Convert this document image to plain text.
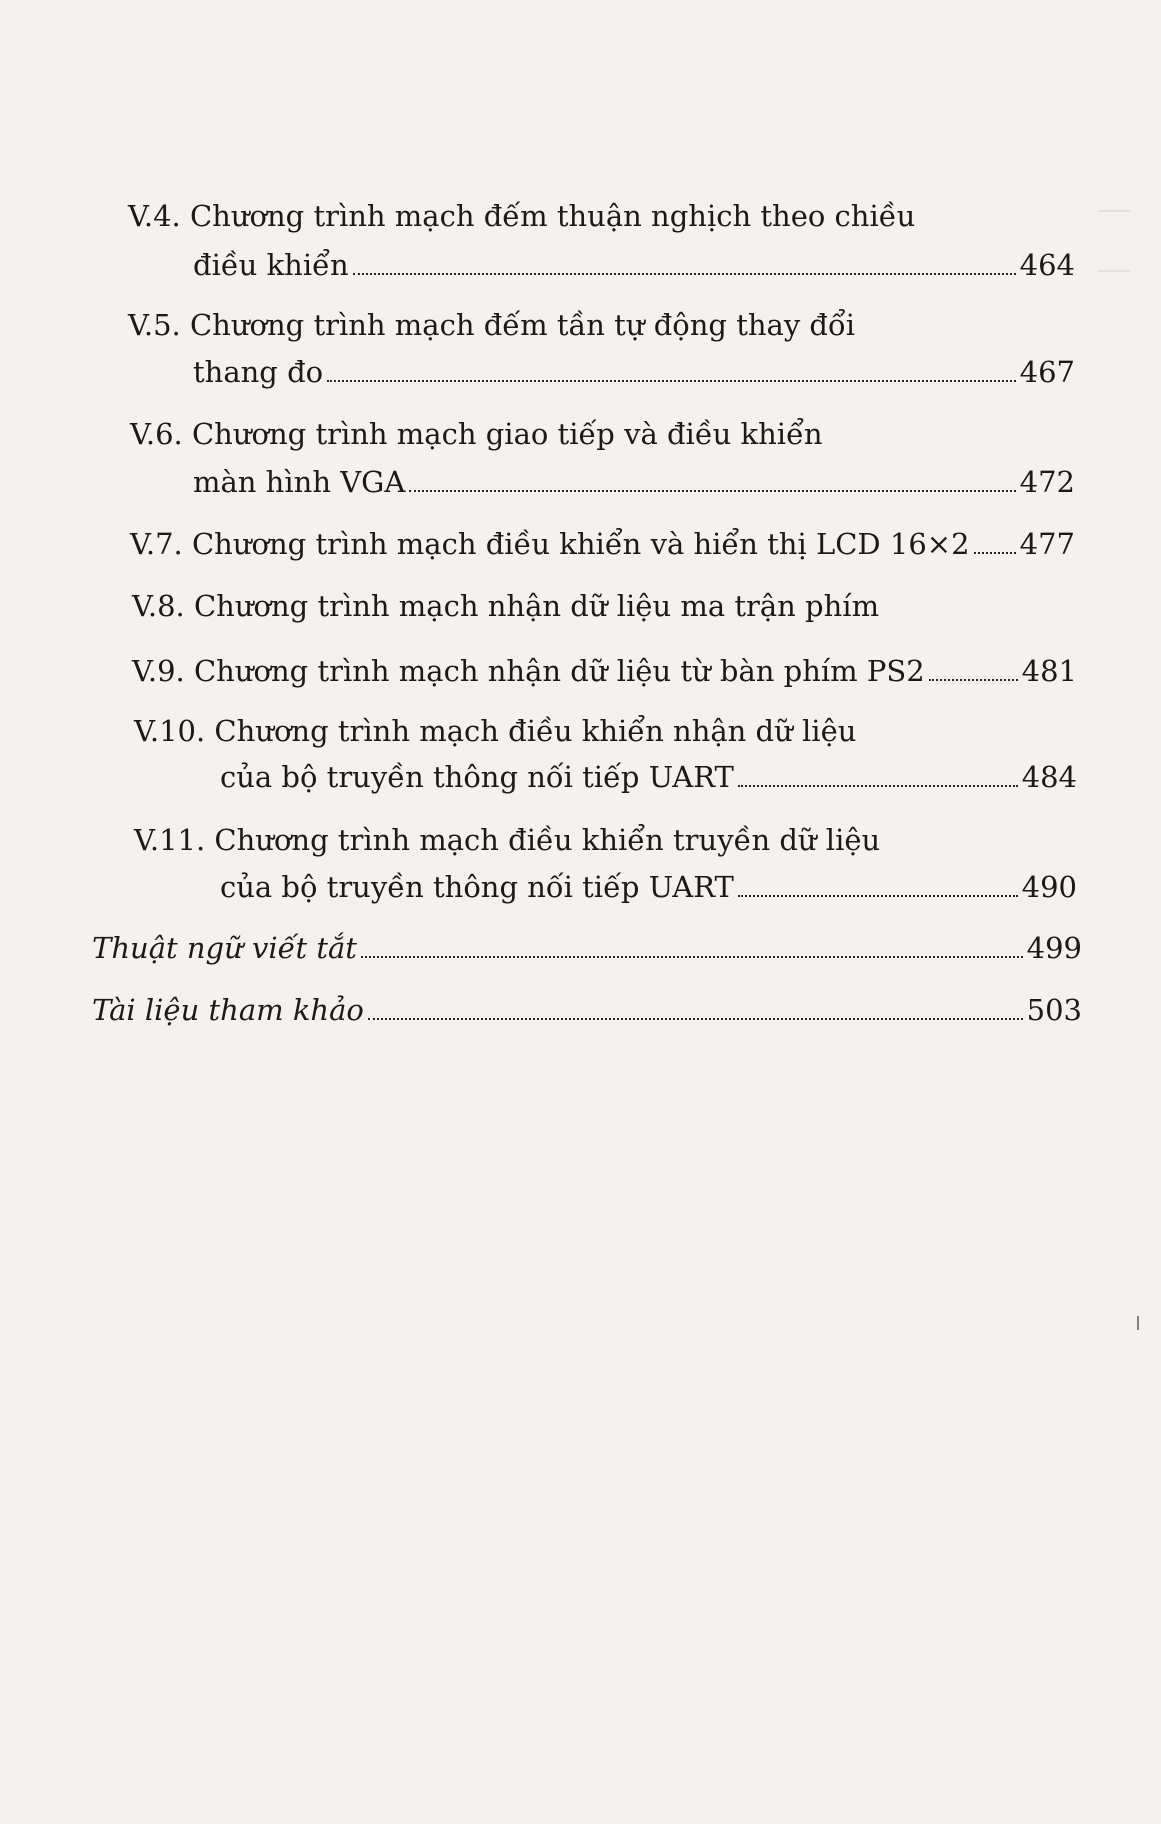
—
—
V.4. Chương trình mạch đếm thuận nghịch theo chiều
điều khiển	464
V.5. Chương trình mạch đếm tần tự động thay đổi
thang đo	467
V.6. Chương trình mạch giao tiếp và điều khiển
màn hình VGA	472
V.7. Chương trình mạch điều khiển và hiển thị LCD 16×2 477
V.8. Chương trình mạch nhận dữ liệu ma trận phím
V.9. Chương trình mạch nhận dữ liệu từ bàn phím PS2	481
V.10. Chương trình mạch điều khiển nhận dữ liệu
của bộ truyền thông nối tiếp UART	484
V.11. Chương trình mạch điều khiển truyền dữ liệu
của bộ truyền thông nối tiếp UART	490
Thuật ngữ viết tắt	499
Tài liệu tham khảo	503
